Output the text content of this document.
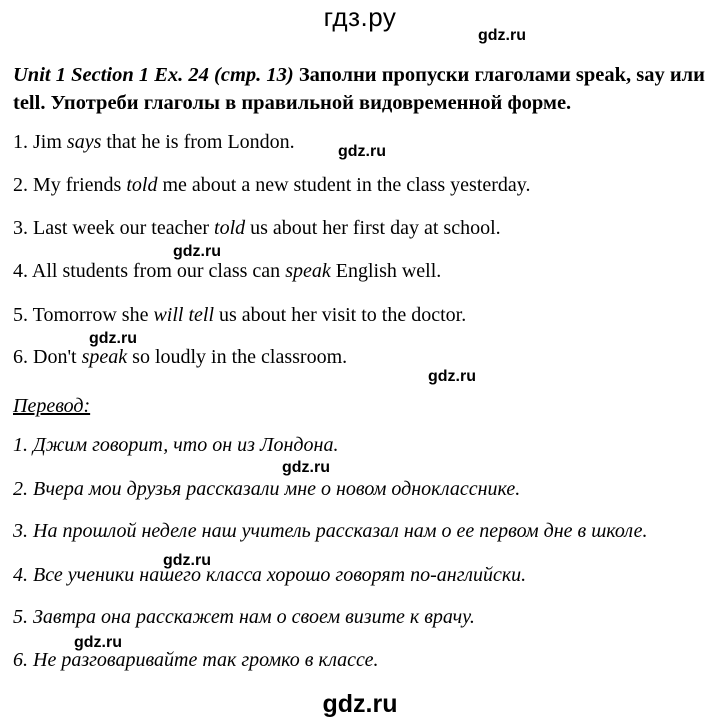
гдз.ру
gdz.ru
Unit 1 Section 1 Ex. 24 (стр. 13) Заполни пропуски глаголами speak, say или tell. Употреби глаголы в правильной видовременной форме.
1. Jim says that he is from London.	gdz.ru
2. My friends told me about a new student in the class yesterday.
3. Last week our teacher told us about her first day at school.
gdz.ru
4. All students from our class can speak English well.
5. Tomorrow she will tell us about her visit to the doctor.
gdz.ru
6. Don't speak so loudly in the classroom.
gdz.ru
Перевод:
1. Джим говорит, что он из Лондона.
gdz.ru
2. Вчера мои друзья рассказали мне о новом однокласснике.
3. На прошлой неделе наш учитель рассказал нам о ее первом дне в школе.
gdz.ru
4. Все ученики нашего класса хорошо говорят по-английски.
5. Завтра она расскажет нам о своем визите к врачу.
gdz.ru
6. Не разговаривайте так громко в классе.
gdz.ru
